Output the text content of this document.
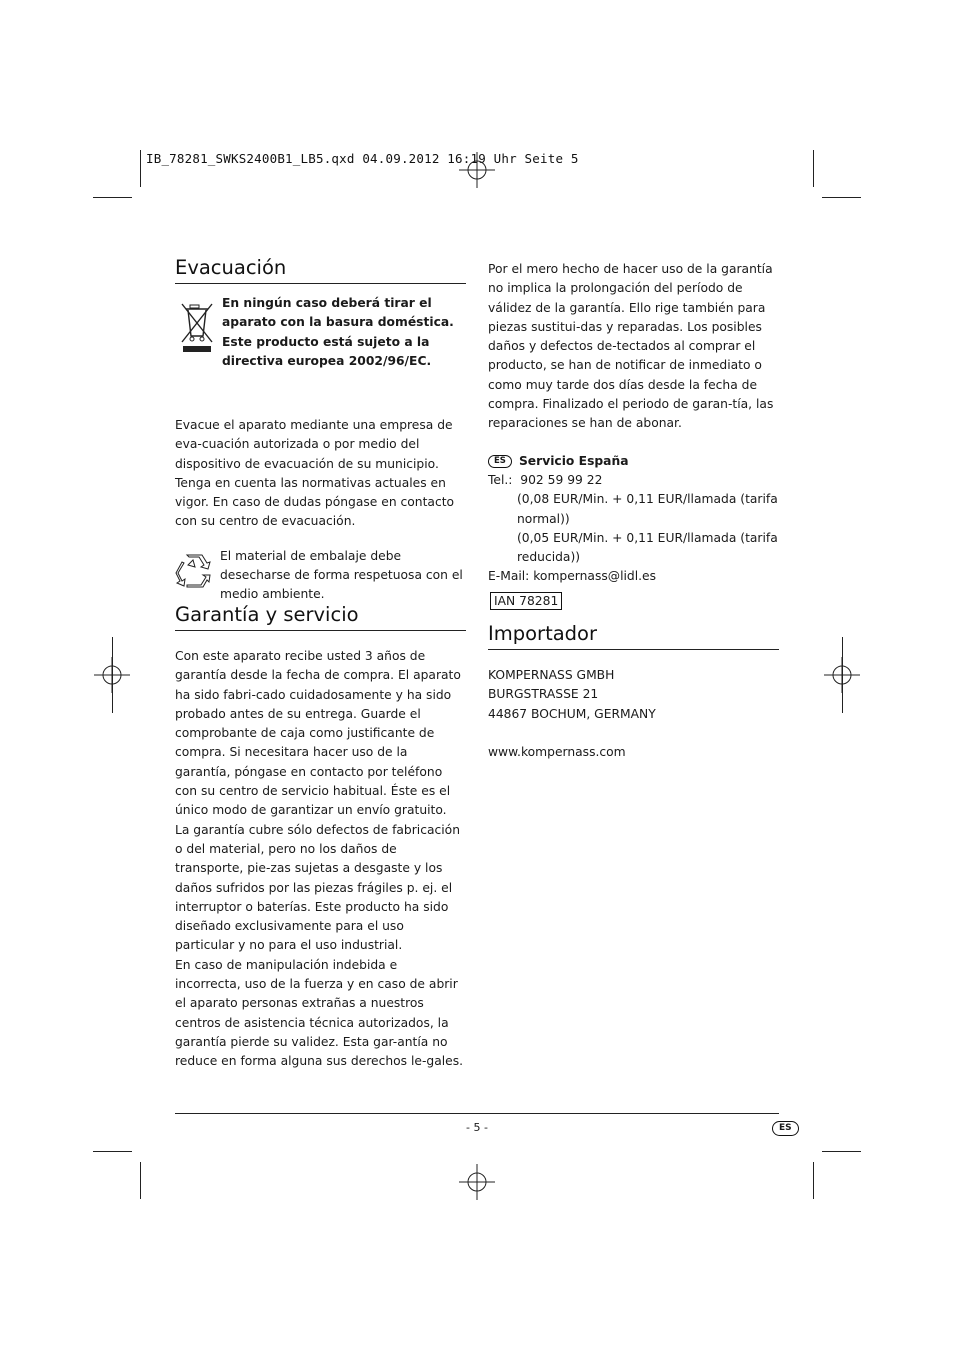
IB_78281_SWKS2400B1_LB5.qxd 04.09.2012 16:19 Uhr Seite 5
Evacuación

En ningún caso deberá tirar el aparato con la basura doméstica. Este producto está sujeto a la directiva europea 2002/96/EC.

Evacue el aparato mediante una empresa de eva-cuación autorizada o por medio del dispositivo de evacuación de su municipio.

Tenga en cuenta las normativas actuales en vigor. En caso de dudas póngase en contacto con su centro de evacuación.

El material de embalaje debe desecharse de forma respetuosa con el medio ambiente.

Garantía y servicio

Con este aparato recibe usted 3 años de garantía desde la fecha de compra. El aparato ha sido fabri-cado cuidadosamente y ha sido probado antes de su entrega. Guarde el comprobante de caja como justificante de compra. Si necesitara hacer uso de la garantía, póngase en contacto por teléfono con su centro de servicio habitual. Éste es el único modo de garantizar un envío gratuito.

La garantía cubre sólo defectos de fabricación o del material, pero no los daños de transporte, pie-zas sujetas a desgaste y los daños sufridos por las piezas frágiles p. ej. el interruptor o baterías. Este producto ha sido diseñado exclusivamente para el uso particular y no para el uso industrial.

En caso de manipulación indebida e incorrecta, uso de la fuerza y en caso de abrir el aparato personas extrañas a nuestros centros de asistencia técnica autorizados, la garantía pierde su validez. Esta gar-antía no reduce en forma alguna sus derechos le-gales.

Por el mero hecho de hacer uso de la garantía no implica la prolongación del período de válidez de la garantía. Ello rige también para piezas sustitui-das y reparadas. Los posibles daños y defectos de-tectados al comprar el producto, se han de notificar de inmediato o como muy tarde dos días desde la fecha de compra. Finalizado el periodo de garan-tía, las reparaciones se han de abonar.

ES Servicio España

Tel.:  902 59 99 22

(0,08 EUR/Min. + 0,11 EUR/llamada (tarifa normal))

(0,05 EUR/Min. + 0,11 EUR/llamada (tarifa reducida))

E-Mail: kompernass@lidl.es

IAN 78281
Importador

KOMPERNASS GMBH

BURGSTRASSE 21

44867 BOCHUM, GERMANY

www.kompernass.com

- 5 -	ES
